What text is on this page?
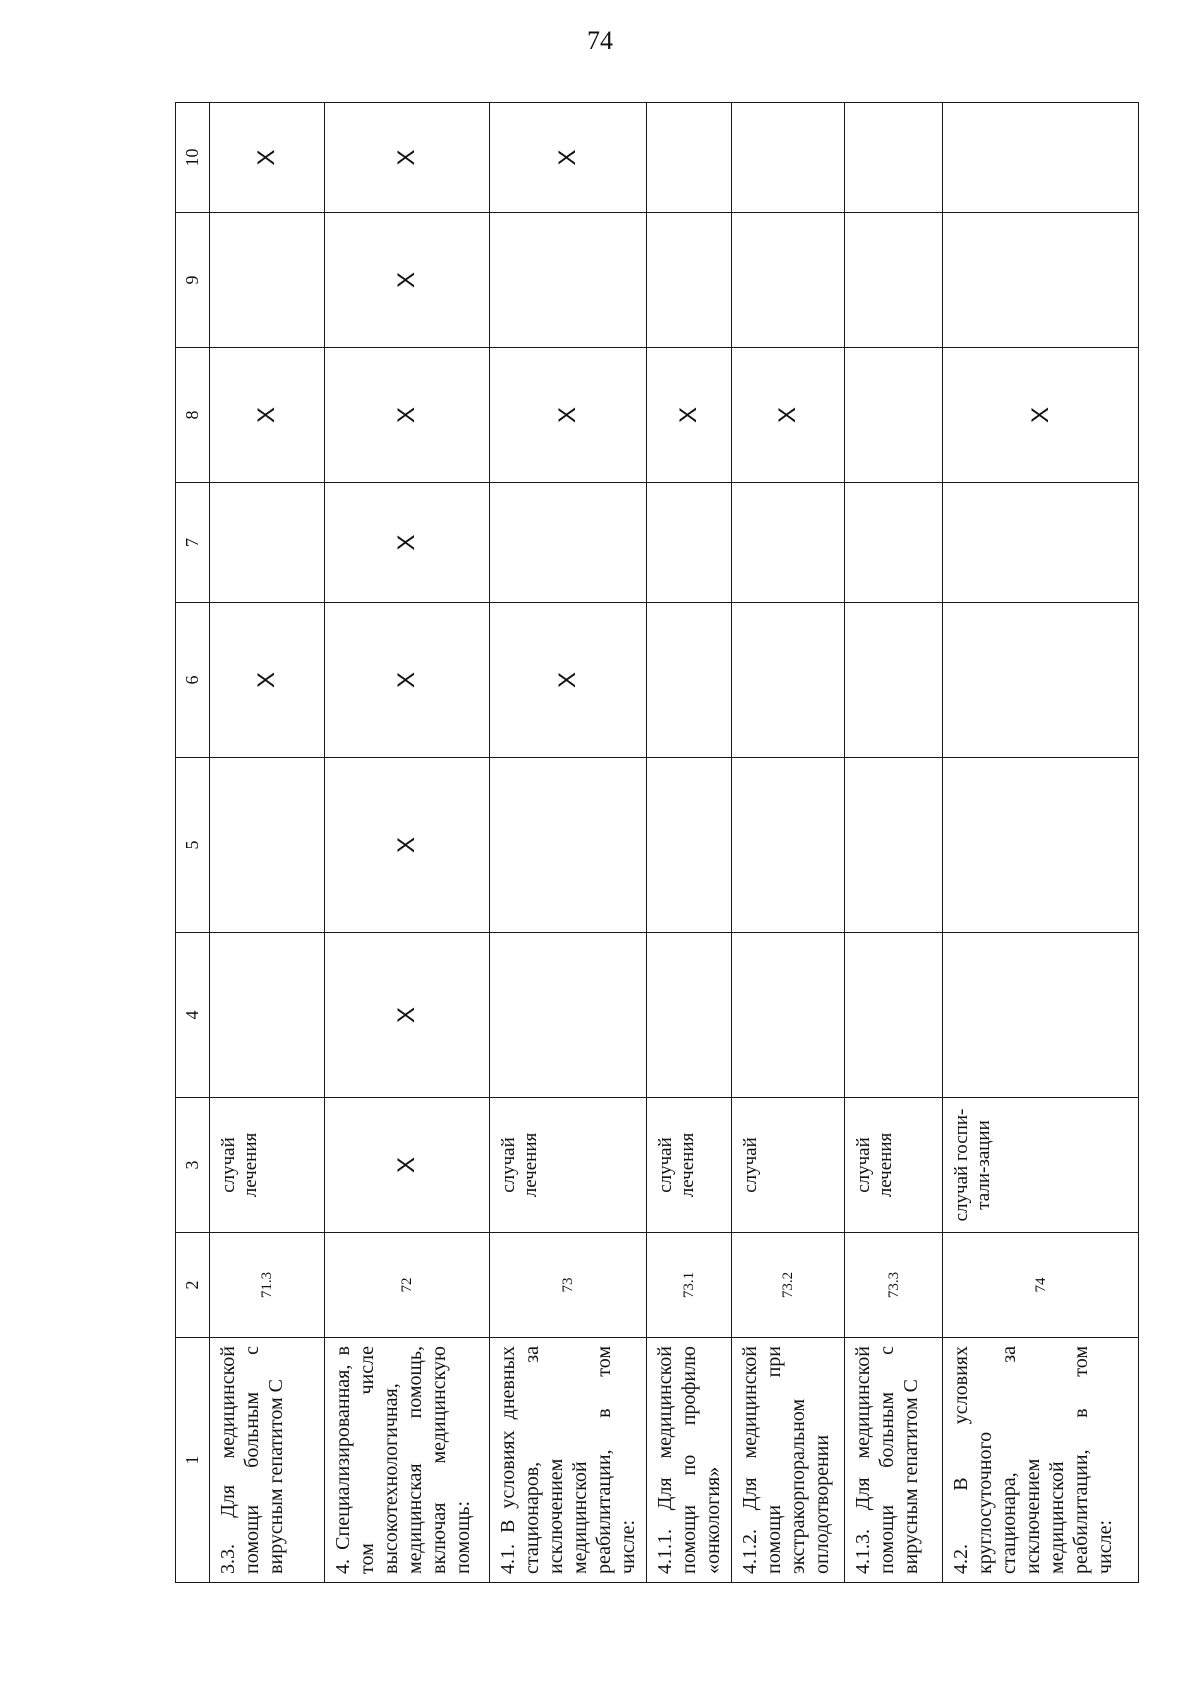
74
1	2	3	4	5	6	7	8	9	10
3.3. Для медицинской помощи больным с вирусным гепатитом С	71.3	случай лечения			X		X		X
4. Специализированная, в том числе высокотехнологичная, медицинская помощь, включая медицинскую помощь:	72	X	X	X	X	X	X	X	X
4.1. В условиях дневных стационаров, за исключением медицинской реабилитации, в том числе:	73	случай лечения			X		X		X
4.1.1. Для медицинской помощи по профилю «онкология»	73.1	случай лечения					X		
4.1.2. Для медицинской помощи при экстракорпоральном оплодотворении	73.2	случай					X		
4.1.3. Для медицинской помощи больным с вирусным гепатитом С	73.3	случай лечения							
4.2. В условиях круглосуточного стационара, за исключением медицинской реабилитации, в том числе:	74	случай госпи-тали-зации					X		
